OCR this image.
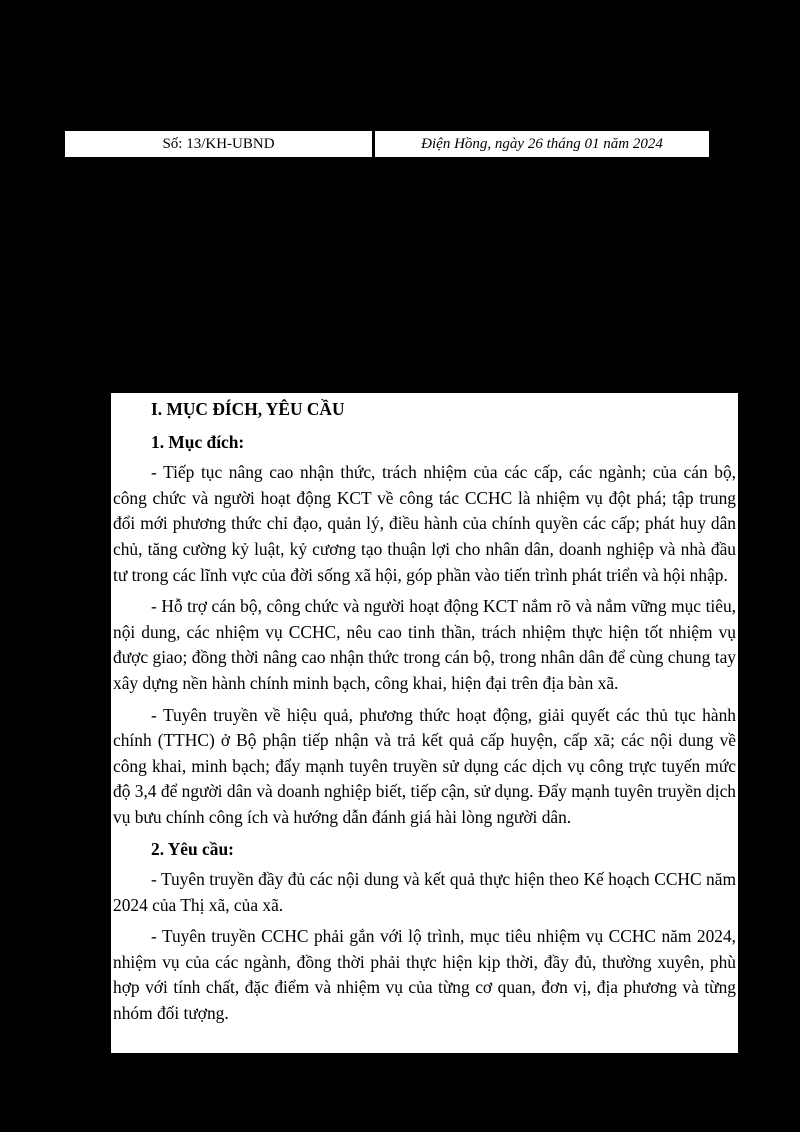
Số: 13/KH-UBND	Điện Hồng, ngày 26 tháng 01 năm 2024
I. MỤC ĐÍCH, YÊU CẦU
1. Mục đích:

- Tiếp tục nâng cao nhận thức, trách nhiệm của các cấp, các ngành; của cán bộ, công chức và người hoạt động KCT về công tác CCHC là nhiệm vụ đột phá; tập trung đổi mới phương thức chỉ đạo, quản lý, điều hành của chính quyền các cấp; phát huy dân chủ, tăng cường kỷ luật, kỷ cương tạo thuận lợi cho nhân dân, doanh nghiệp và nhà đầu tư trong các lĩnh vực của đời sống xã hội, góp phần vào tiến trình phát triển và hội nhập.

- Hỗ trợ cán bộ, công chức và người hoạt động KCT nắm rõ và nắm vững mục tiêu, nội dung, các nhiệm vụ CCHC, nêu cao tinh thần, trách nhiệm thực hiện tốt nhiệm vụ được giao; đồng thời nâng cao nhận thức trong cán bộ, trong nhân dân để cùng chung tay xây dựng nền hành chính minh bạch, công khai, hiện đại trên địa bàn xã.

- Tuyên truyền về hiệu quả, phương thức hoạt động, giải quyết các thủ tục hành chính (TTHC) ở Bộ phận tiếp nhận và trả kết quả cấp huyện, cấp xã; các nội dung về công khai, minh bạch; đẩy mạnh tuyên truyền sử dụng các dịch vụ công trực tuyến mức độ 3,4 để người dân và doanh nghiệp biết, tiếp cận, sử dụng. Đẩy mạnh tuyên truyền dịch vụ bưu chính công ích và hướng dẫn đánh giá hài lòng người dân.

2. Yêu cầu:

- Tuyên truyền đầy đủ các nội dung và kết quả thực hiện theo Kế hoạch CCHC năm 2024 của Thị xã, của xã.

- Tuyên truyền CCHC phải gắn với lộ trình, mục tiêu nhiệm vụ CCHC năm 2024, nhiệm vụ của các ngành, đồng thời phải thực hiện kịp thời, đầy đủ, thường xuyên, phù hợp với tính chất, đặc điểm và nhiệm vụ của từng cơ quan, đơn vị, địa phương và từng nhóm đối tượng.
